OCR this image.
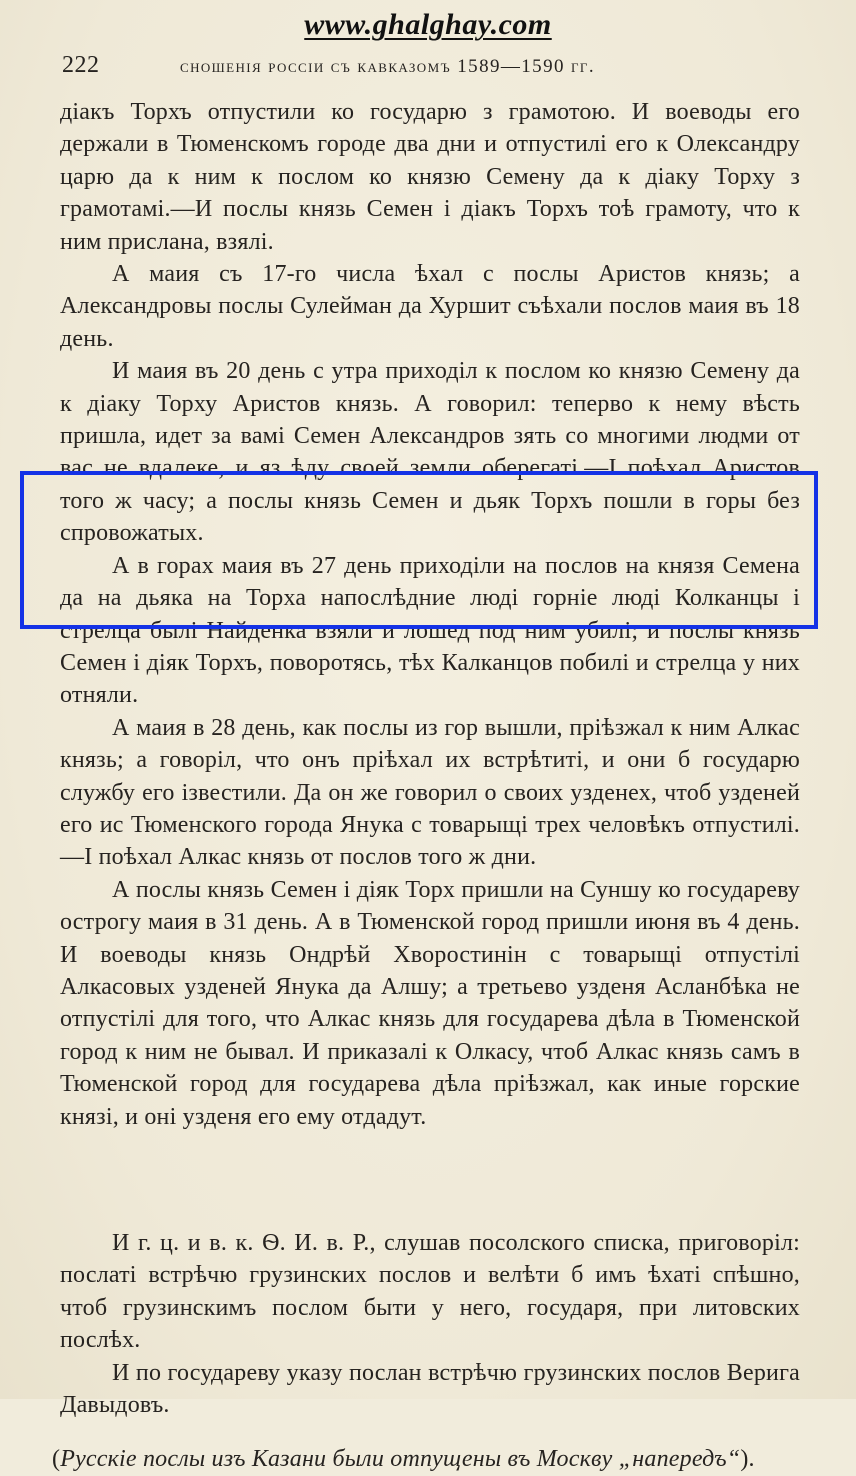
www.ghalghay.com
222	сношенія россіи съ кавказомъ 1589—1590 гг.

діакъ Торхъ отпустили ко государю з грамотою. И воеводы его держали в Тюменскомъ городе два дни и отпустилі его к Олександру царю да к ним к послом ко князю Семену да к діаку Торху з грамотамі.—И послы князь Семен і діакъ Торхъ тоѣ грамоту, что к ним прислана, взялі.

А маия съ 17-го числа ѣхал с послы Аристов князь; а Александровы послы Сулейман да Хуршит съѣхали послов маия въ 18 день.

И маия въ 20 день с утра приходіл к послом ко князю Семену да к діаку Торху Аристов князь. А говорил: теперво к нему вѣсть пришла, идет за вамі Семен Александров зять со многими людми от вас не вдалеке, и яз ѣду своей земли оберегаті.—І поѣхал Аристов того ж часу; а послы князь Семен и дьяк Торхъ пошли в горы без спровожатых.

А в горах маия въ 27 день приходіли на послов на князя Семена да на дьяка на Торха напослѣдние люді горніе люді Колканцы і стрелца былі Найденка взяли и лошед под ним убилі; и послы князь Семен і діяк Торхъ, поворотясь, тѣх Калканцов побилі и стрелца у них отняли.

А маия в 28 день, как послы из гор вышли, пріѣзжал к ним Алкас князь; а говоріл, что онъ пріѣхал их встрѣтиті, и они б государю службу его ізвестили. Да он же говорил о своих узденех, чтоб узденей его ис Тюменского города Янука с товарыщі трех человѣкъ отпустилі.—І поѣхал Алкас князь от послов того ж дни.

А послы князь Семен і діяк Торх пришли на Суншу ко государеву острогу маия в 31 день. А в Тюменской город пришли июня въ 4 день. И воеводы князь Ондрѣй Хворостинін с товарыщі отпустілі Алкасовых узденей Янука да Алшу; а третьево узденя Асланбѣка не отпустілі для того, что Алкас князь для государева дѣла в Тюменской город к ним не бывал. И приказалі к Олкасу, чтоб Алкас князь самъ в Тюменской город для государева дѣла пріѣзжал, как иные горские князі, и оні узденя его ему отдадут.

И г. ц. и в. к. Ѳ. И. в. Р., слушав посолского списка, приговоріл: послаті встрѣчю грузинских послов и велѣти б имъ ѣхаті спѣшно, чтоб грузинскимъ послом быти у него, государя, при литовских послѣх.

И по государеву указу послан встрѣчю грузинских послов Верига Давыдовъ.

(Русскіе послы изъ Казани были отпущены въ Москву „напередъ“).
